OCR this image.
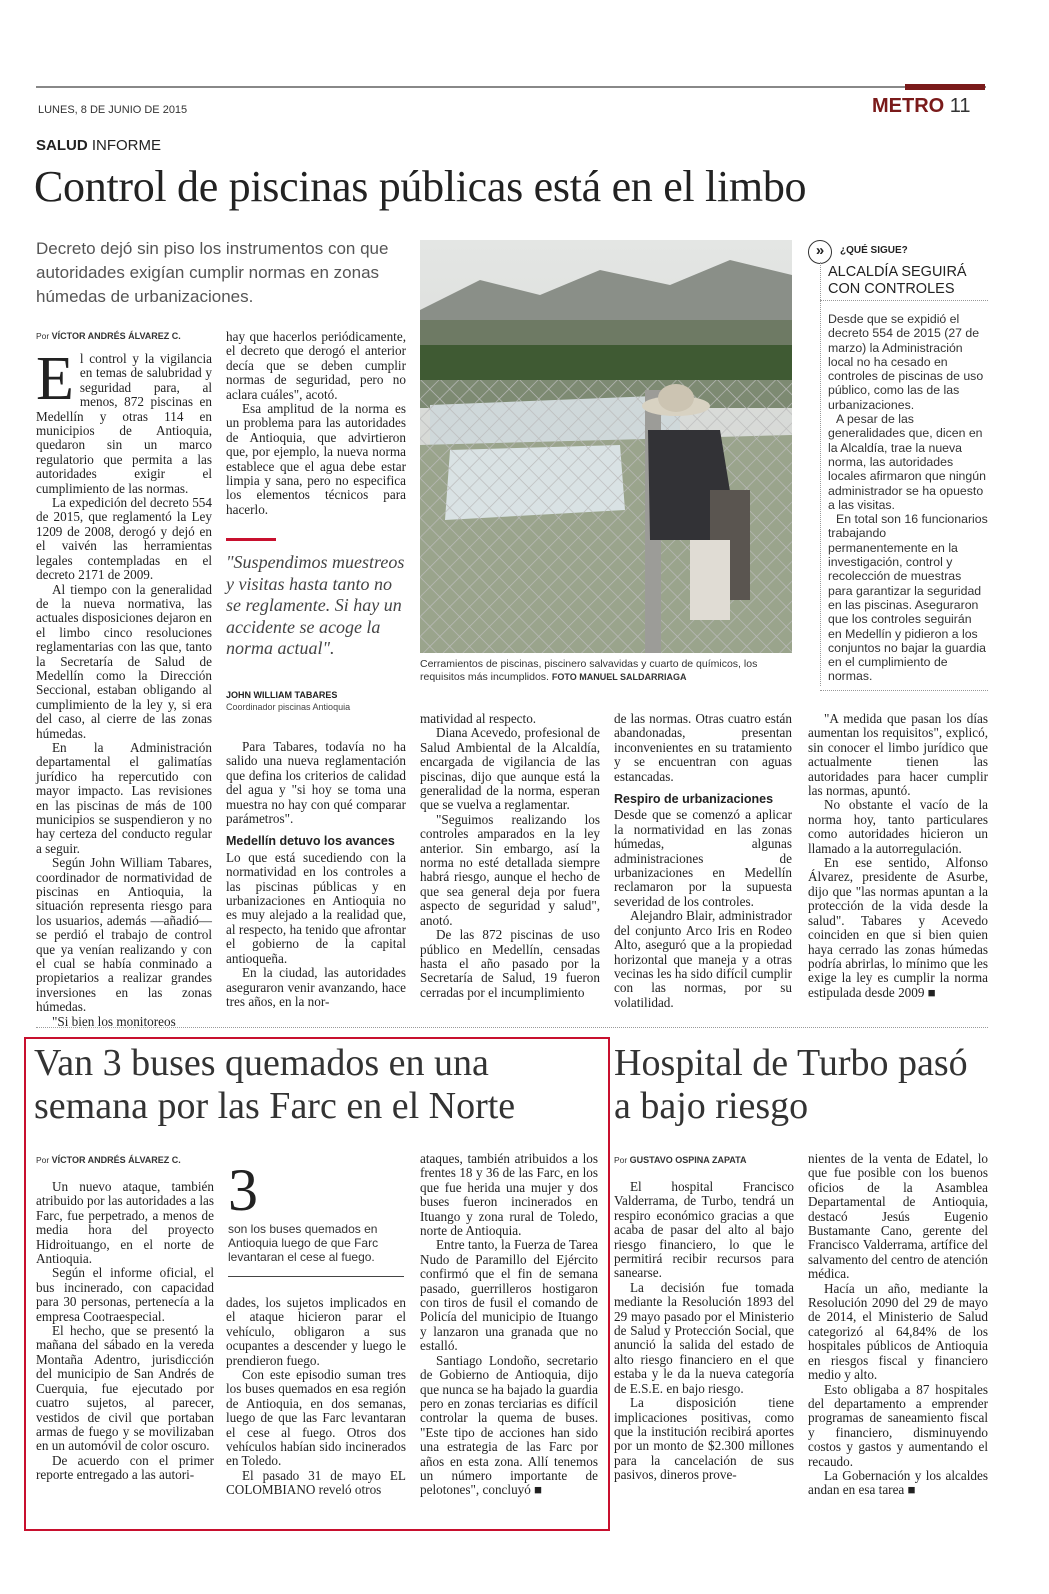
LUNES, 8 DE JUNIO DE 2015	METRO 11
SALUD INFORME
Control de piscinas públicas está en el limbo
Decreto dejó sin piso los instrumentos con que autoridades exigían cumplir normas en zonas húmedas de urbanizaciones.
Por VÍCTOR ANDRÉS ÁLVAREZ C.
E l control y la vigilancia en temas de salubridad y seguridad para, al menos, 872 piscinas en Medellín y otras 114 en municipios de Antioquia, quedaron sin un marco regulatorio que permita a las autoridades exigir el cumplimiento de las normas.

La expedición del decreto 554 de 2015, que reglamentó la Ley 1209 de 2008, derogó y dejó en el vaivén las herramientas legales contempladas en el decreto 2171 de 2009.

Al tiempo con la generalidad de la nueva normativa, las actuales disposiciones dejaron en el limbo cinco resoluciones reglamentarias con las que, tanto la Secretaría de Salud de Medellín como la Dirección Seccional, estaban obligando al cumplimiento de la ley y, si era del caso, al cierre de las zonas húmedas.

En la Administración departamental el galimatías jurídico ha repercutido con mayor impacto. Las revisiones en las piscinas de más de 100 municipios se suspendieron y no hay certeza del conducto regular a seguir.

Según John William Tabares, coordinador de normatividad de piscinas en Antioquia, la situación representa riesgo para los usuarios, además —añadió— se perdió el trabajo de control que ya venían realizando y con el cual se había conminado a propietarios a realizar grandes inversiones en las zonas húmedas.

"Si bien los monitoreos

hay que hacerlos periódicamente, el decreto que derogó el anterior decía que se deben cumplir normas de seguridad, pero no aclara cuáles", acotó.

Esa amplitud de la norma es un problema para las autoridades de Antioquia, que advirtieron que, por ejemplo, la nueva norma establece que el agua debe estar limpia y sana, pero no especifica los elementos técnicos para hacerlo.

"Suspendimos muestreos y visitas hasta tanto no se reglamente. Si hay un accidente se acoge la norma actual".
JOHN WILLIAM TABARES
Coordinador piscinas Antioquia

Para Tabares, todavía no ha salido una nueva reglamentación que defina los criterios de calidad del agua y "si hoy se toma una muestra no hay con qué comparar parámetros".

Medellín detuvo los avances

Lo que está sucediendo con la normatividad en los controles a las piscinas públicas y en urbanizaciones en Antioquia no es muy alejado a la realidad que, al respecto, ha tenido que afrontar el gobierno de la capital antioqueña.

En la ciudad, las autoridades aseguraron venir avanzando, hace tres años, en la nor-

Cerramientos de piscinas, piscinero salvavidas y cuarto de químicos, los requisitos más incumplidos. FOTO MANUEL SALDARRIAGA

matividad al respecto.

Diana Acevedo, profesional de Salud Ambiental de la Alcaldía, encargada de vigilancia de las piscinas, dijo que aunque está la generalidad de la norma, esperan que se vuelva a reglamentar.

"Seguimos realizando los controles amparados en la ley anterior. Sin embargo, así la norma no esté detallada siempre habrá riesgo, aunque el hecho de que sea general deja por fuera aspecto de seguridad y salud", anotó.

De las 872 piscinas de uso público en Medellín, censadas hasta el año pasado por la Secretaría de Salud, 19 fueron cerradas por el incumplimiento

de las normas. Otras cuatro están abandonadas, presentan inconvenientes en su tratamiento y se encuentran con aguas estancadas.

Respiro de urbanizaciones

Desde que se comenzó a aplicar la normatividad en las zonas húmedas, algunas administraciones de urbanizaciones en Medellín reclamaron por la supuesta severidad de los controles.

Alejandro Blair, administrador del conjunto Arco Iris en Rodeo Alto, aseguró que a la propiedad horizontal que maneja y a otras vecinas les ha sido difícil cumplir con las normas, por su volatilidad.

»	¿QUÉ SIGUE?
ALCALDÍA SEGUIRÁ
CON CONTROLES

Desde que se expidió el decreto 554 de 2015 (27 de marzo) la Administración local no ha cesado en controles de piscinas de uso público, como las de las urbanizaciones.

A pesar de las generalidades que, dicen en la Alcaldía, trae la nueva norma, las autoridades locales afirmaron que ningún administrador se ha opuesto a las visitas.

En total son 16 funcionarios trabajando permanentemente en la investigación, control y recolección de muestras para garantizar la seguridad en las piscinas. Aseguraron que los controles seguirán en Medellín y pidieron a los conjuntos no bajar la guardia en el cumplimiento de normas.

"A medida que pasan los días aumentan los requisitos", explicó, sin conocer el limbo jurídico que actualmente tienen las autoridades para hacer cumplir las normas, apuntó.

No obstante el vacío de la norma hoy, tanto particulares como autoridades hicieron un llamado a la autorregulación.

En ese sentido, Alfonso Álvarez, presidente de Asurbe, dijo que "las normas apuntan a la protección de la vida desde la salud". Tabares y Acevedo coinciden en que si bien quien haya cerrado las zonas húmedas podría abrirlas, lo mínimo que les exige la ley es cumplir la norma estipulada desde 2009 ■

Van 3 buses quemados en una semana por las Farc en el Norte
Por VÍCTOR ANDRÉS ÁLVAREZ C.

Un nuevo ataque, también atribuido por las autoridades a las Farc, fue perpetrado, a menos de media hora del proyecto Hidroituango, en el norte de Antioquia.

Según el informe oficial, el bus incinerado, con capacidad para 30 personas, pertenecía a la empresa Cootraespecial.

El hecho, que se presentó la mañana del sábado en la vereda Montaña Adentro, jurisdicción del municipio de San Andrés de Cuerquia, fue ejecutado por cuatro sujetos, al parecer, vestidos de civil que portaban armas de fuego y se movilizaban en un automóvil de color oscuro.

De acuerdo con el primer reporte entregado a las autori-

3
son los buses quemados en Antioquia luego de que Farc levantaran el cese al fuego.

dades, los sujetos implicados en el ataque hicieron parar el vehículo, obligaron a sus ocupantes a descender y luego le prendieron fuego.

Con este episodio suman tres los buses quemados en esa región de Antioquia, en dos semanas, luego de que las Farc levantaran el cese al fuego. Otros dos vehículos habían sido incinerados en Toledo.

El pasado 31 de mayo EL COLOMBIANO reveló otros

ataques, también atribuidos a los frentes 18 y 36 de las Farc, en los que fue herida una mujer y dos buses fueron incinerados en Ituango y zona rural de Toledo, norte de Antioquia.

Entre tanto, la Fuerza de Tarea Nudo de Paramillo del Ejército confirmó que el fin de semana pasado, guerrilleros hostigaron con tiros de fusil el comando de Policía del municipio de Ituango y lanzaron una granada que no estalló.

Santiago Londoño, secretario de Gobierno de Antioquia, dijo que nunca se ha bajado la guardia pero en zonas terciarias es difícil controlar la quema de buses. "Este tipo de acciones han sido una estrategia de las Farc por años en esta zona. Allí tenemos un número importante de pelotones", concluyó ■

Hospital de Turbo pasó a bajo riesgo
Por GUSTAVO OSPINA ZAPATA

El hospital Francisco Valderrama, de Turbo, tendrá un respiro económico gracias a que acaba de pasar del alto al bajo riesgo financiero, lo que le permitirá recibir recursos para sanearse.

La decisión fue tomada mediante la Resolución 1893 del 29 mayo pasado por el Ministerio de Salud y Protección Social, que anunció la salida del estado de alto riesgo financiero en el que estaba y le da la nueva categoría de E.S.E. en bajo riesgo.

La disposición tiene implicaciones positivas, como que la institución recibirá aportes por un monto de $2.300 millones para la cancelación de sus pasivos, dineros prove-

nientes de la venta de Edatel, lo que fue posible con los buenos oficios de la Asamblea Departamental de Antioquia, destacó Jesús Eugenio Bustamante Cano, gerente del Francisco Valderrama, artífice del salvamento del centro de atención médica.

Hacía un año, mediante la Resolución 2090 del 29 de mayo de 2014, el Ministerio de Salud categorizó al 64,84% de los hospitales públicos de Antioquia en riesgos fiscal y financiero medio y alto.

Esto obligaba a 87 hospitales del departamento a emprender programas de saneamiento fiscal y financiero, disminuyendo costos y gastos y aumentando el recaudo.

La Gobernación y los alcaldes andan en esa tarea ■
